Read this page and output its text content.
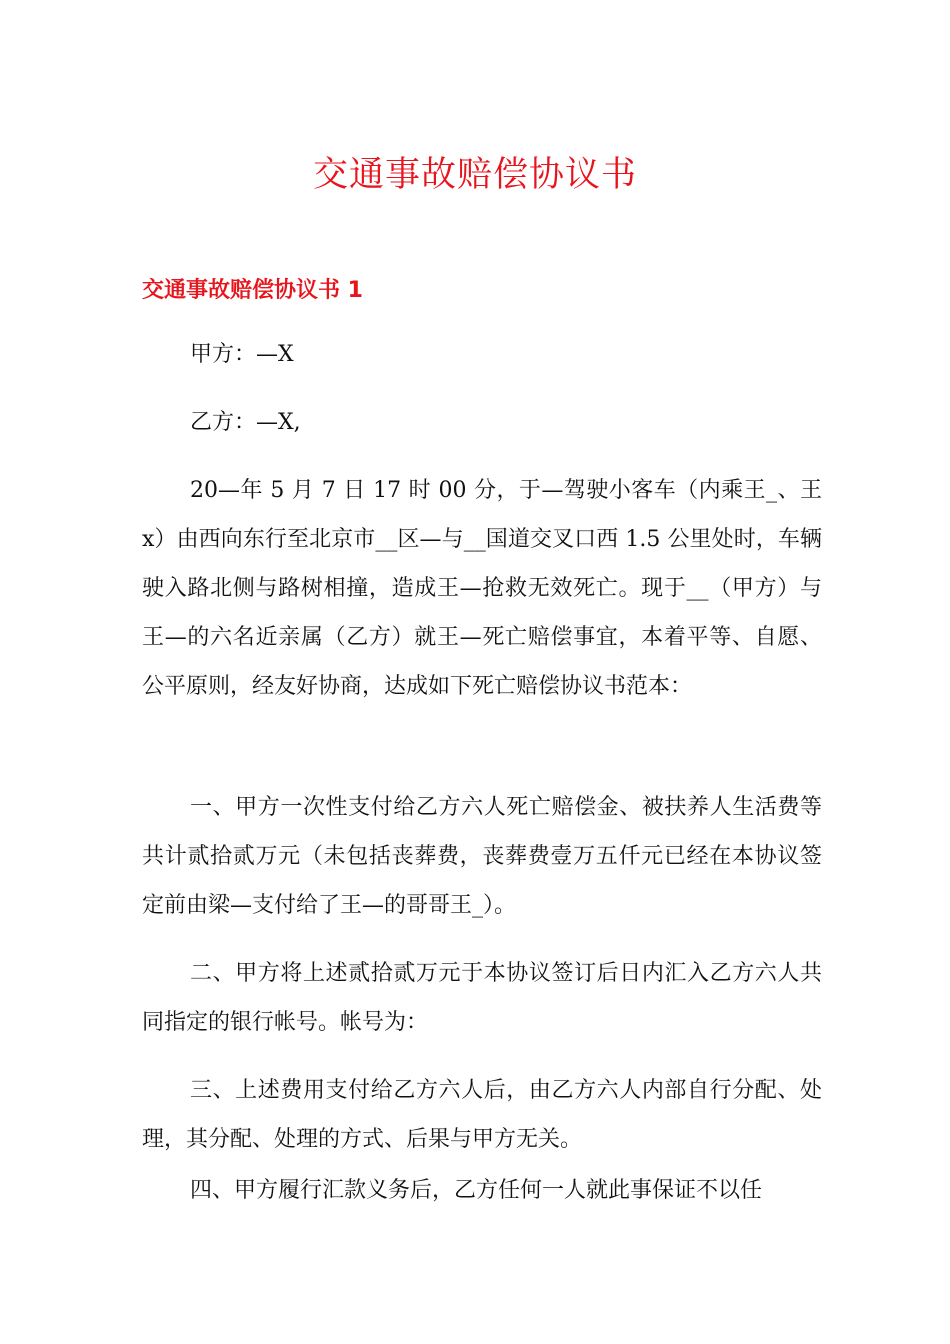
交通事故赔偿协议书
交通事故赔偿协议书 1

甲方：—X

乙方：—X,

20—年 5 月 7 日 17 时 00 分，于—驾驶小客车（内乘王_、王 x）由西向东行至北京市__区—与__国道交叉口西 1.5 公里处时，车辆驶入路北侧与路树相撞，造成王—抢救无效死亡。现于__（甲方）与王—的六名近亲属（乙方）就王—死亡赔偿事宜，本着平等、自愿、公平原则，经友好协商，达成如下死亡赔偿协议书范本：

一、甲方一次性支付给乙方六人死亡赔偿金、被扶养人生活费等共计贰拾贰万元（未包括丧葬费，丧葬费壹万五仟元已经在本协议签定前由梁—支付给了王—的哥哥王_）。

二、甲方将上述贰拾贰万元于本协议签订后日内汇入乙方六人共同指定的银行帐号。帐号为：

三、上述费用支付给乙方六人后，由乙方六人内部自行分配、处理，其分配、处理的方式、后果与甲方无关。

四、甲方履行汇款义务后，乙方任何一人就此事保证不以任
